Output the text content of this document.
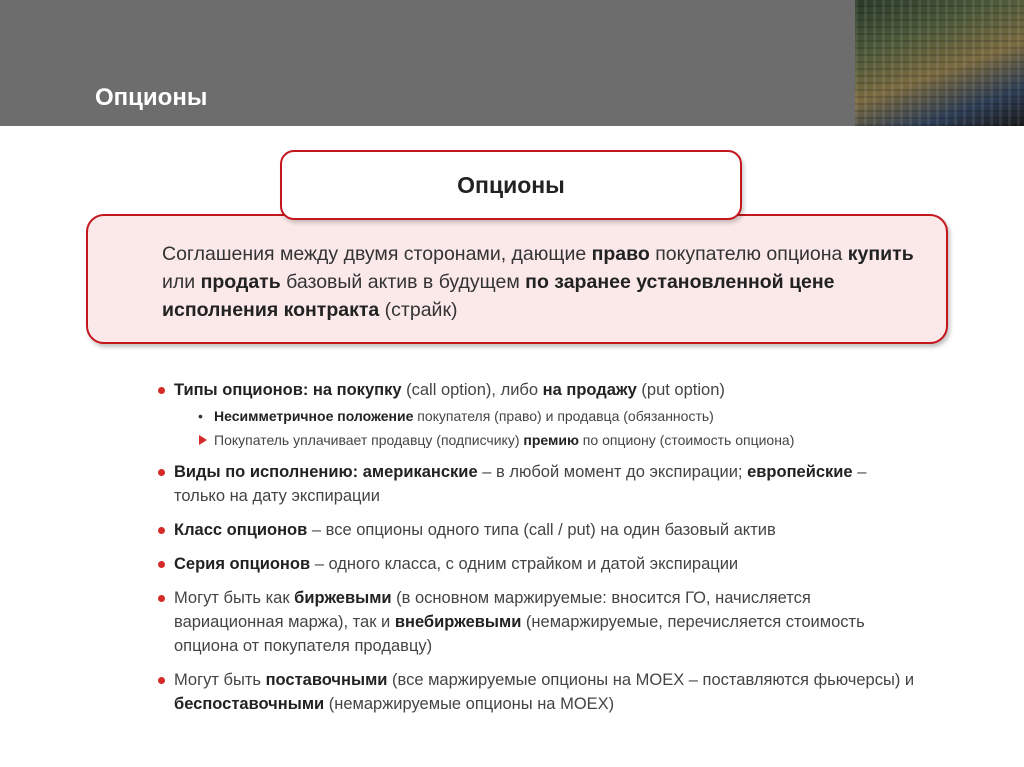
Опционы
Соглашения между двумя сторонами, дающие право покупателю опциона купить или продать базовый актив в будущем по заранее установленной цене исполнения контракта (страйк)
Опционы
Типы опционов: на покупку (call option), либо на продажу (put option)
• Несимметричное положение покупателя (право) и продавца (обязанность)
Покупатель уплачивает продавцу (подписчику) премию по опциону (стоимость опциона)
Виды по исполнению: американские – в любой момент до экспирации; европейские – только на дату экспирации
Класс опционов – все опционы одного типа (call / put) на один базовый актив
Серия опционов – одного класса, с одним страйком и датой экспирации
Могут быть как биржевыми (в основном маржируемые: вносится ГО, начисляется вариационная маржа), так и внебиржевыми (немаржируемые, перечисляется стоимость опциона от покупателя продавцу)
Могут быть поставочными (все маржируемые опционы на MOEX – поставляются фьючерсы) и беспоставочными (немаржируемые опционы на MOEX)
